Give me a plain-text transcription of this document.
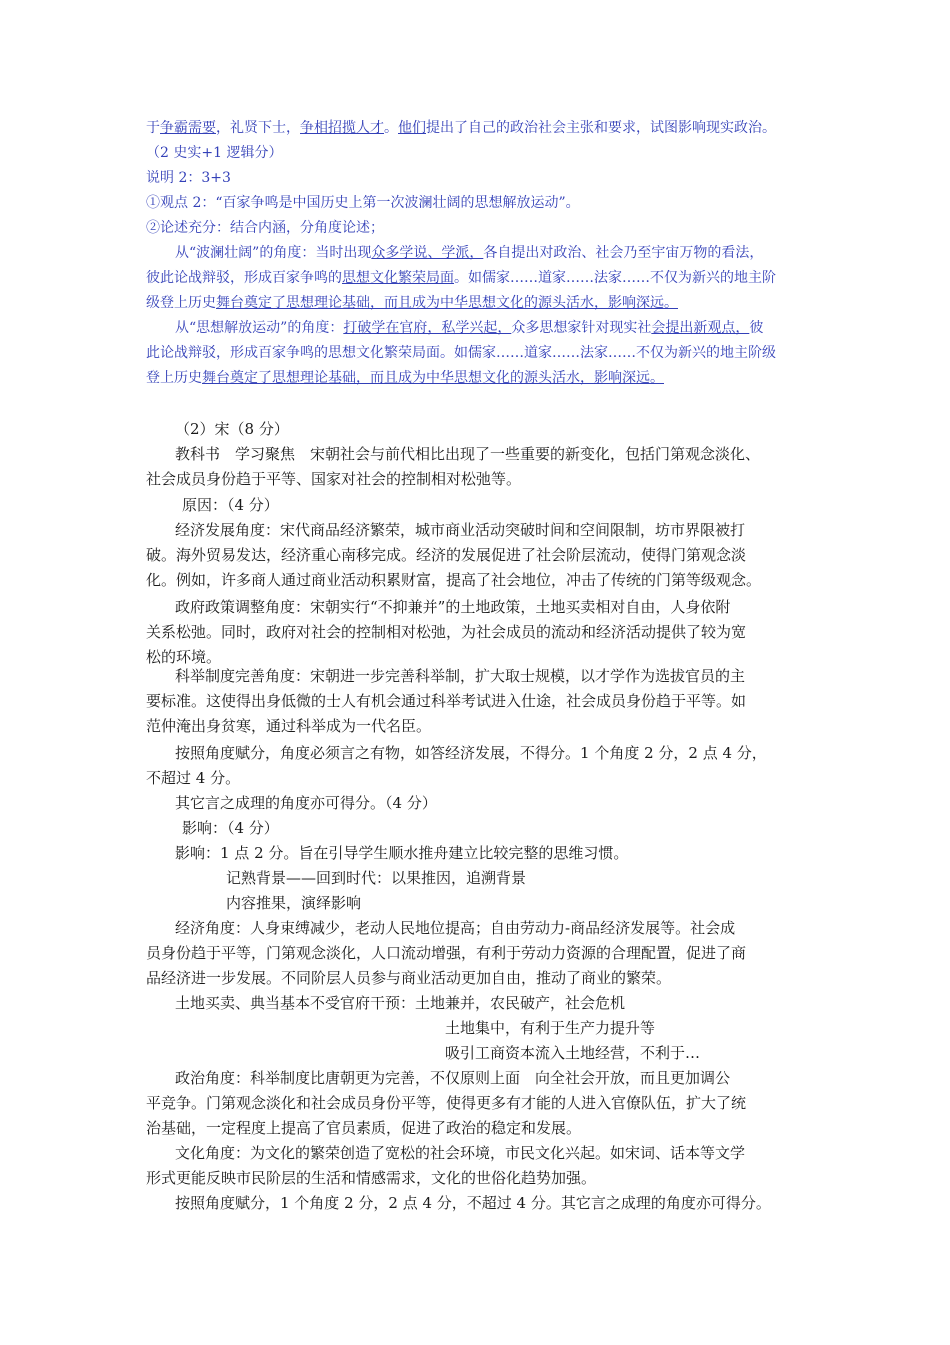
于争霸需要，礼贤下士，争相招揽人才。他们提出了自己的政治社会主张和要求，试图影响现实政治。
（2 史实+1 逻辑分）
说明 2：3+3
①观点 2：“百家争鸣是中国历史上第一次波澜壮阔的思想解放运动”。
②论述充分：结合内涵，分角度论述；
从“波澜壮阔”的角度：当时出现众多学说、学派，各自提出对政治、社会乃至宇宙万物的看法，
彼此论战辩驳，形成百家争鸣的思想文化繁荣局面。如儒家……道家……法家……不仅为新兴的地主阶
级登上历史舞台奠定了思想理论基础，而且成为中华思想文化的源头活水，影响深远。
从“思想解放运动”的角度：打破学在官府，私学兴起，众多思想家针对现实社会提出新观点，彼
此论战辩驳，形成百家争鸣的思想文化繁荣局面。如儒家……道家……法家……不仅为新兴的地主阶级
登上历史舞台奠定了思想理论基础，而且成为中华思想文化的源头活水，影响深远。
（2）宋（8 分）
教科书　学习聚焦　宋朝社会与前代相比出现了一些重要的新变化，包括门第观念淡化、
社会成员身份趋于平等、国家对社会的控制相对松弛等。
原因：（4 分）
经济发展角度：宋代商品经济繁荣，城市商业活动突破时间和空间限制，坊市界限被打
破。海外贸易发达，经济重心南移完成。经济的发展促进了社会阶层流动，使得门第观念淡
化。例如，许多商人通过商业活动积累财富，提高了社会地位，冲击了传统的门第等级观念。
政府政策调整角度：宋朝实行“不抑兼并”的土地政策，土地买卖相对自由，人身依附
关系松弛。同时，政府对社会的控制相对松弛，为社会成员的流动和经济活动提供了较为宽
松的环境。
科举制度完善角度：宋朝进一步完善科举制，扩大取士规模，以才学作为选拔官员的主
要标准。这使得出身低微的士人有机会通过科举考试进入仕途，社会成员身份趋于平等。如
范仲淹出身贫寒，通过科举成为一代名臣。
按照角度赋分，角度必须言之有物，如答经济发展，不得分。1 个角度 2 分，2 点 4 分，
不超过 4 分。
其它言之成理的角度亦可得分。（4 分）
影响：（4 分）
影响：1 点 2 分。旨在引导学生顺水推舟建立比较完整的思维习惯。
记熟背景——回到时代：以果推因，追溯背景
内容推果，演绎影响
经济角度：人身束缚减少，老动人民地位提高；自由劳动力-商品经济发展等。社会成
员身份趋于平等，门第观念淡化，人口流动增强，有利于劳动力资源的合理配置，促进了商
品经济进一步发展。不同阶层人员参与商业活动更加自由，推动了商业的繁荣。
土地买卖、典当基本不受官府干预： 土地兼并，农民破产，社会危机
土地集中，有利于生产力提升等
吸引工商资本流入土地经营，不利于…
政治角度：科举制度比唐朝更为完善，不仅原则上面　向全社会开放，而且更加调公
平竞争。门第观念淡化和社会成员身份平等，使得更多有才能的人进入官僚队伍，扩大了统
治基础，一定程度上提高了官员素质，促进了政治的稳定和发展。
文化角度：为文化的繁荣创造了宽松的社会环境，市民文化兴起。如宋词、话本等文学
形式更能反映市民阶层的生活和情感需求，文化的世俗化趋势加强。
按照角度赋分，1 个角度 2 分，2 点 4 分，不超过 4 分。其它言之成理的角度亦可得分。
